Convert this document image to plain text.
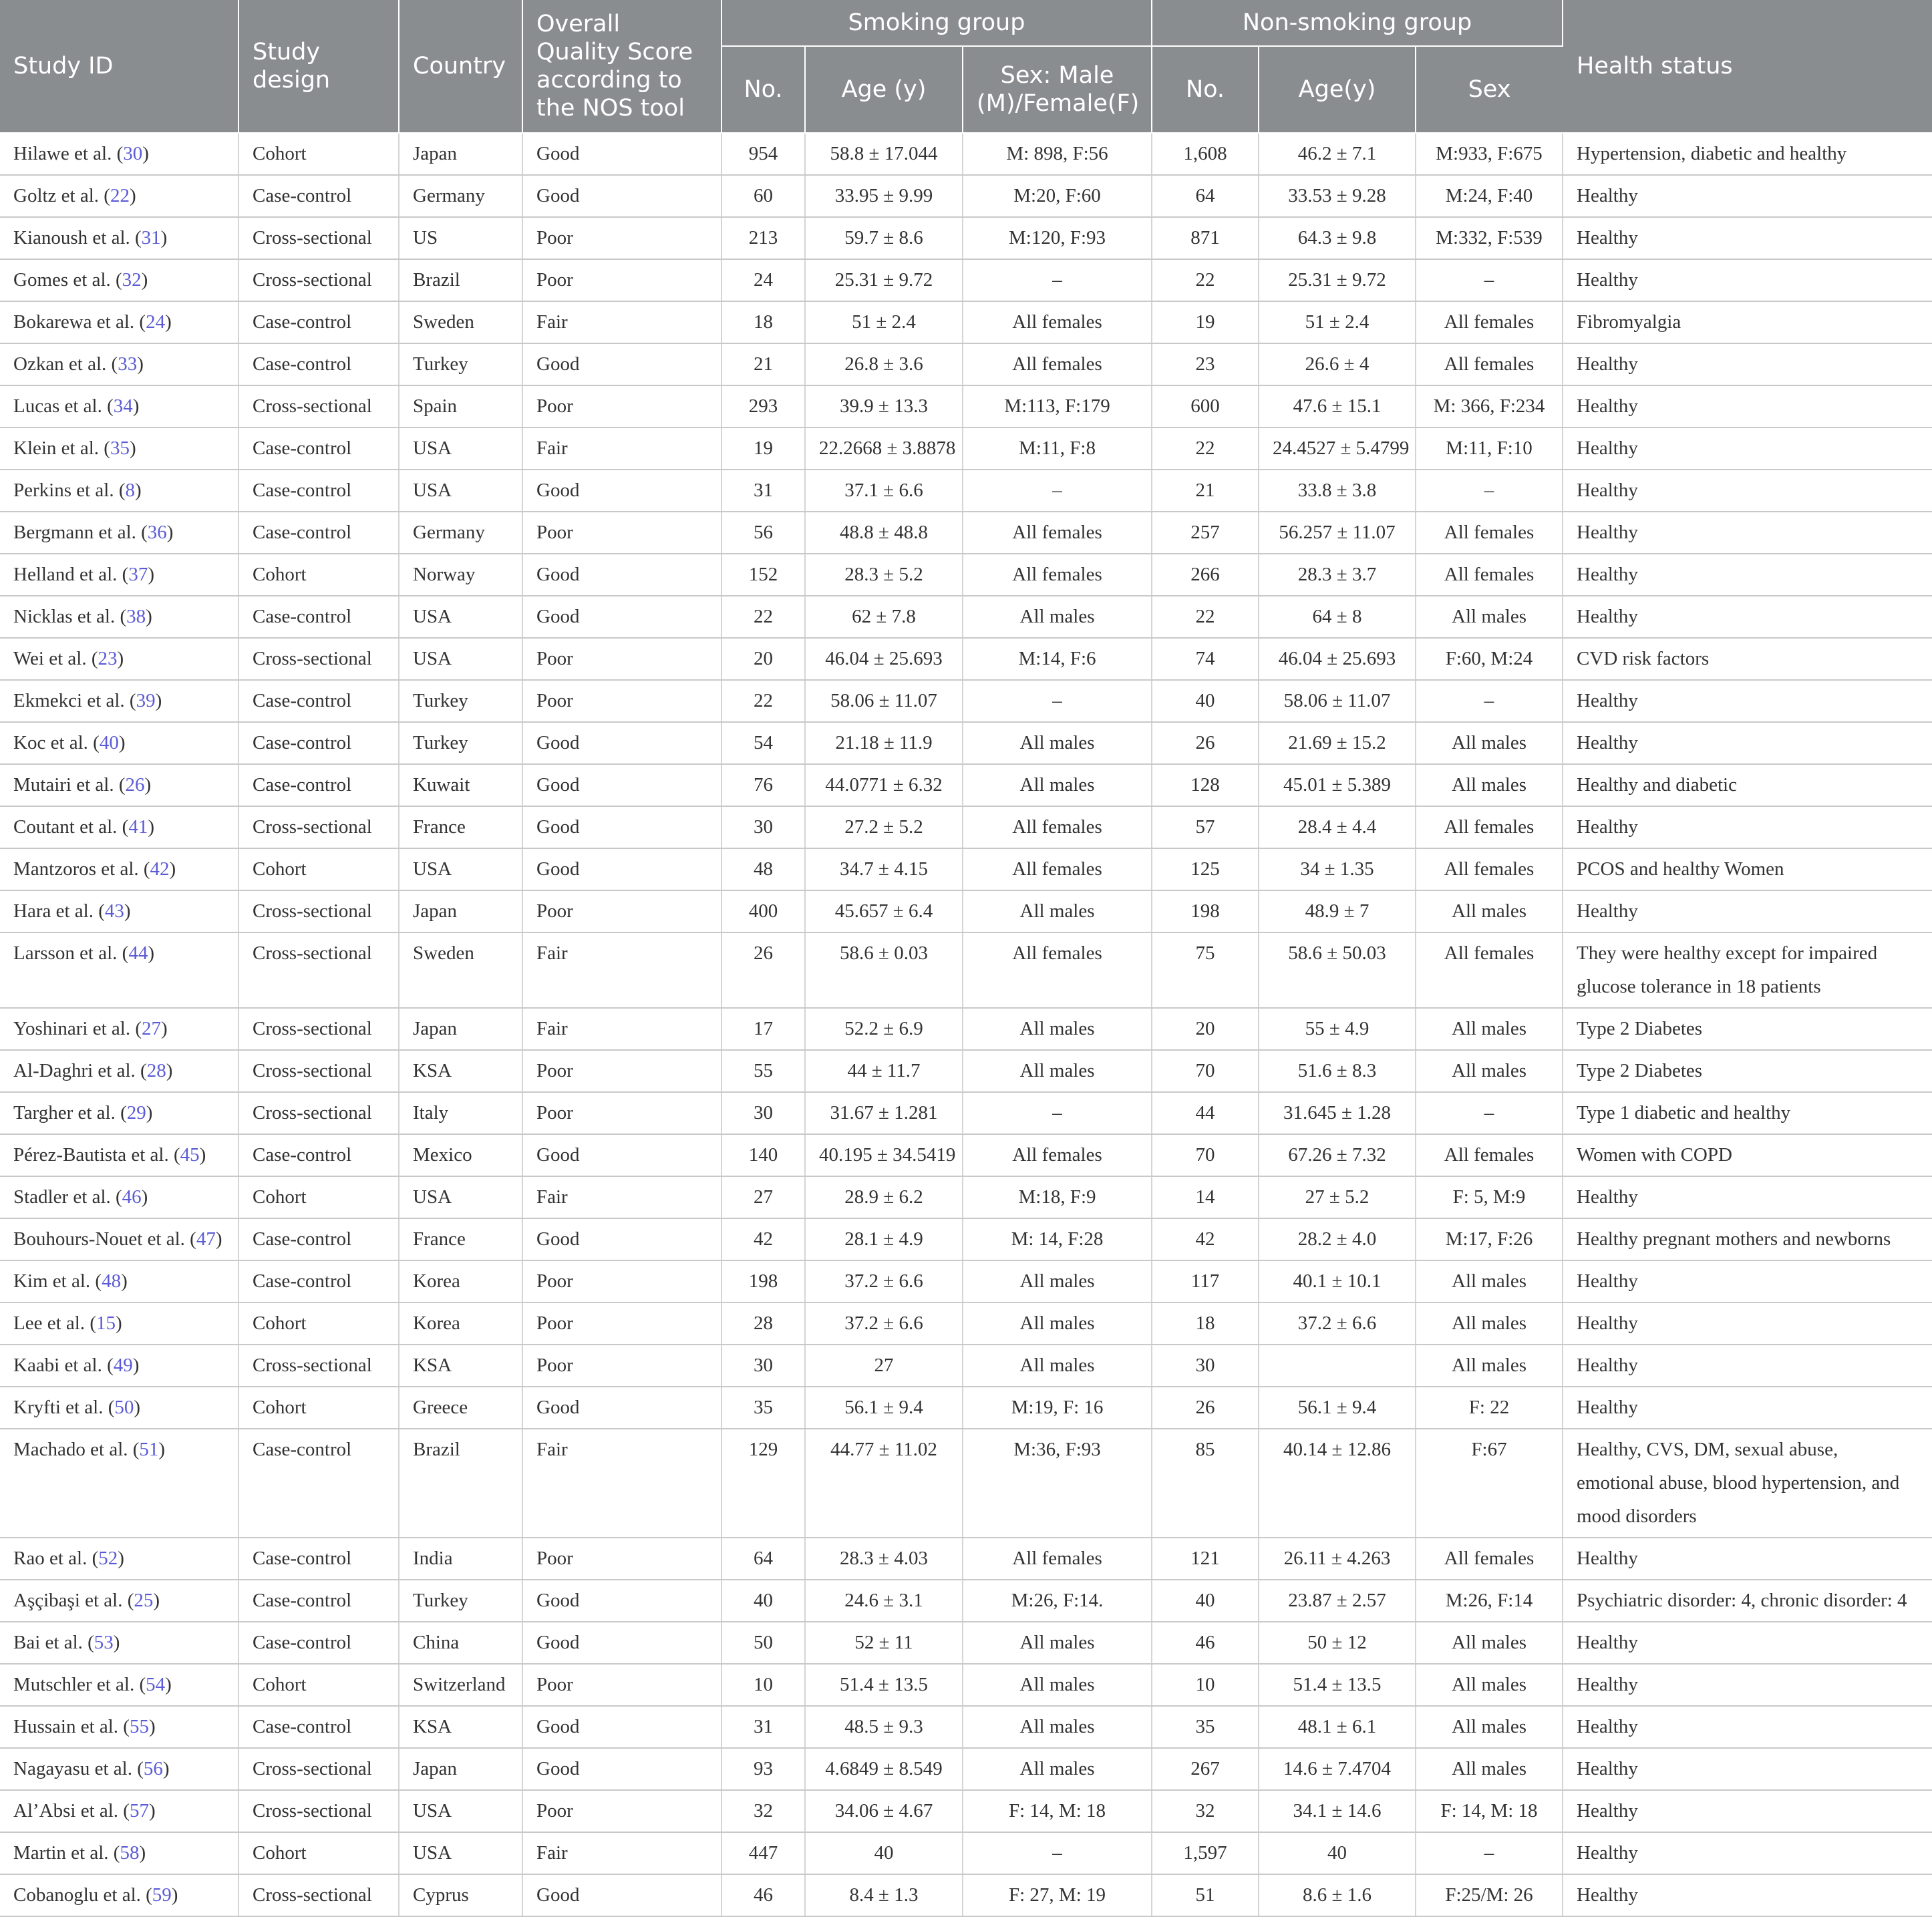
Study ID	Study design	Country	Overall Quality Score according to the NOS tool	Smoking group			Non-smoking group			Health status
				No.	Age (y)	Sex: Male (M)/Female(F)	No.	Age(y)	Sex	
Hilawe et al. (30)	Cohort	Japan	Good	954	58.8 ± 17.044	M: 898, F:56	1,608	46.2 ± 7.1	M:933, F:675	Hypertension, diabetic and healthy
Goltz et al. (22)	Case-control	Germany	Good	60	33.95 ± 9.99	M:20, F:60	64	33.53 ± 9.28	M:24, F:40	Healthy
Kianoush et al. (31)	Cross-sectional	US	Poor	213	59.7 ± 8.6	M:120, F:93	871	64.3 ± 9.8	M:332, F:539	Healthy
Gomes et al. (32)	Cross-sectional	Brazil	Poor	24	25.31 ± 9.72	–	22	25.31 ± 9.72	–	Healthy
Bokarewa et al. (24)	Case-control	Sweden	Fair	18	51 ± 2.4	All females	19	51 ± 2.4	All females	Fibromyalgia
Ozkan et al. (33)	Case-control	Turkey	Good	21	26.8 ± 3.6	All females	23	26.6 ± 4	All females	Healthy
Lucas et al. (34)	Cross-sectional	Spain	Poor	293	39.9 ± 13.3	M:113, F:179	600	47.6 ± 15.1	M: 366, F:234	Healthy
Klein et al. (35)	Case-control	USA	Fair	19	22.2668 ± 3.8878	M:11, F:8	22	24.4527 ± 5.4799	M:11, F:10	Healthy
Perkins et al. (8)	Case-control	USA	Good	31	37.1 ± 6.6	–	21	33.8 ± 3.8	–	Healthy
Bergmann et al. (36)	Case-control	Germany	Poor	56	48.8 ± 48.8	All females	257	56.257 ± 11.07	All females	Healthy
Helland et al. (37)	Cohort	Norway	Good	152	28.3 ± 5.2	All females	266	28.3 ± 3.7	All females	Healthy
Nicklas et al. (38)	Case-control	USA	Good	22	62 ± 7.8	All males	22	64 ± 8	All males	Healthy
Wei et al. (23)	Cross-sectional	USA	Poor	20	46.04 ± 25.693	M:14, F:6	74	46.04 ± 25.693	F:60, M:24	CVD risk factors
Ekmekci et al. (39)	Case-control	Turkey	Poor	22	58.06 ± 11.07	–	40	58.06 ± 11.07	–	Healthy
Koc et al. (40)	Case-control	Turkey	Good	54	21.18 ± 11.9	All males	26	21.69 ± 15.2	All males	Healthy
Mutairi et al. (26)	Case-control	Kuwait	Good	76	44.0771 ± 6.32	All males	128	45.01 ± 5.389	All males	Healthy and diabetic
Coutant et al. (41)	Cross-sectional	France	Good	30	27.2 ± 5.2	All females	57	28.4 ± 4.4	All females	Healthy
Mantzoros et al. (42)	Cohort	USA	Good	48	34.7 ± 4.15	All females	125	34 ± 1.35	All females	PCOS and healthy Women
Hara et al. (43)	Cross-sectional	Japan	Poor	400	45.657 ± 6.4	All males	198	48.9 ± 7	All males	Healthy
Larsson et al. (44)	Cross-sectional	Sweden	Fair	26	58.6 ± 0.03	All females	75	58.6 ± 50.03	All females	They were healthy except for impaired glucose tolerance in 18 patients
Yoshinari et al. (27)	Cross-sectional	Japan	Fair	17	52.2 ± 6.9	All males	20	55 ± 4.9	All males	Type 2 Diabetes
Al-Daghri et al. (28)	Cross-sectional	KSA	Poor	55	44 ± 11.7	All males	70	51.6 ± 8.3	All males	Type 2 Diabetes
Targher et al. (29)	Cross-sectional	Italy	Poor	30	31.67 ± 1.281	–	44	31.645 ± 1.28	–	Type 1 diabetic and healthy
Pérez-Bautista et al. (45)	Case-control	Mexico	Good	140	40.195 ± 34.5419	All females	70	67.26 ± 7.32	All females	Women with COPD
Stadler et al. (46)	Cohort	USA	Fair	27	28.9 ± 6.2	M:18, F:9	14	27 ± 5.2	F: 5, M:9	Healthy
Bouhours-Nouet et al. (47)	Case-control	France	Good	42	28.1 ± 4.9	M: 14, F:28	42	28.2 ± 4.0	M:17, F:26	Healthy pregnant mothers and newborns
Kim et al. (48)	Case-control	Korea	Poor	198	37.2 ± 6.6	All males	117	40.1 ± 10.1	All males	Healthy
Lee et al. (15)	Cohort	Korea	Poor	28	37.2 ± 6.6	All males	18	37.2 ± 6.6	All males	Healthy
Kaabi et al. (49)	Cross-sectional	KSA	Poor	30	27	All males	30		All males	Healthy
Kryfti et al. (50)	Cohort	Greece	Good	35	56.1 ± 9.4	M:19, F: 16	26	56.1 ± 9.4	F: 22	Healthy
Machado et al. (51)	Case-control	Brazil	Fair	129	44.77 ± 11.02	M:36, F:93	85	40.14 ± 12.86	F:67	Healthy, CVS, DM, sexual abuse, emotional abuse, blood hypertension, and mood disorders
Rao et al. (52)	Case-control	India	Poor	64	28.3 ± 4.03	All females	121	26.11 ± 4.263	All females	Healthy
Aşçibaşi et al. (25)	Case-control	Turkey	Good	40	24.6 ± 3.1	M:26, F:14.	40	23.87 ± 2.57	M:26, F:14	Psychiatric disorder: 4, chronic disorder: 4
Bai et al. (53)	Case-control	China	Good	50	52 ± 11	All males	46	50 ± 12	All males	Healthy
Mutschler et al. (54)	Cohort	Switzerland	Poor	10	51.4 ± 13.5	All males	10	51.4 ± 13.5	All males	Healthy
Hussain et al. (55)	Case-control	KSA	Good	31	48.5 ± 9.3	All males	35	48.1 ± 6.1	All males	Healthy
Nagayasu et al. (56)	Cross-sectional	Japan	Good	93	4.6849 ± 8.549	All males	267	14.6 ± 7.4704	All males	Healthy
Al’Absi et al. (57)	Cross-sectional	USA	Poor	32	34.06 ± 4.67	F: 14, M: 18	32	34.1 ± 14.6	F: 14, M: 18	Healthy
Martin et al. (58)	Cohort	USA	Fair	447	40	–	1,597	40	–	Healthy
Cobanoglu et al. (59)	Cross-sectional	Cyprus	Good	46	8.4 ± 1.3	F: 27, M: 19	51	8.6 ± 1.6	F:25/M: 26	Healthy
